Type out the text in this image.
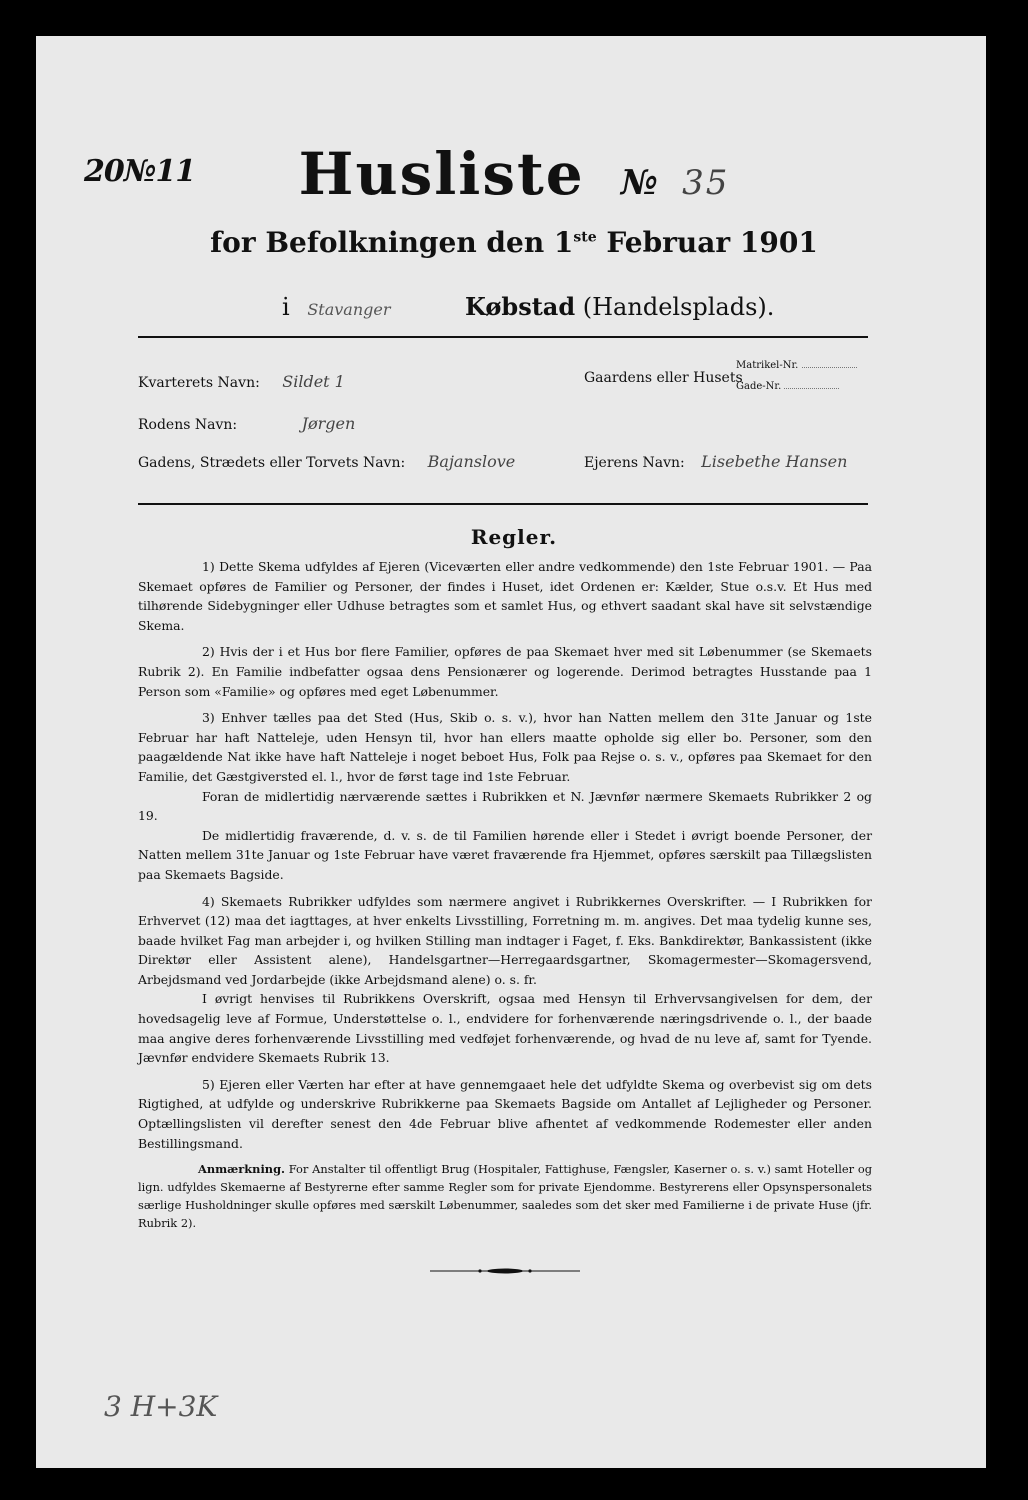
20№11	Husliste № 35
for Befolkningen den 1ste Februar 1901
i Stavanger	Købstad (Handelsplads).
Kvarterets Navn: Sildet 1	Gaardens eller Husets
Matrikel-Nr.
Gade-Nr.
Rodens Navn:	Jørgen
Gadens, Strædets eller Torvets Navn: Bajanslove	Ejerens Navn: Lisebethe Hansen
Regler.

1) Dette Skema udfyldes af Ejeren (Viceværten eller andre vedkommende) den 1ste Februar 1901. — Paa Skemaet opføres de Familier og Personer, der findes i Huset, idet Ordenen er: Kælder, Stue o.s.v. Et Hus med tilhørende Sidebygninger eller Udhuse betragtes som et samlet Hus, og ethvert saadant skal have sit selvstændige Skema.

2) Hvis der i et Hus bor flere Familier, opføres de paa Skemaet hver med sit Løbenummer (se Skemaets Rubrik 2). En Familie indbefatter ogsaa dens Pensionærer og logerende. Derimod betragtes Husstande paa 1 Person som «Familie» og opføres med eget Løbenummer.

3) Enhver tælles paa det Sted (Hus, Skib o. s. v.), hvor han Natten mellem den 31te Januar og 1ste Februar har haft Natteleje, uden Hensyn til, hvor han ellers maatte opholde sig eller bo. Personer, som den paagældende Nat ikke have haft Natteleje i noget beboet Hus, Folk paa Rejse o. s. v., opføres paa Skemaet for den Familie, det Gæstgiversted el. l., hvor de først tage ind 1ste Februar.

Foran de midlertidig nærværende sættes i Rubrikken et N. Jævnfør nærmere Skemaets Rubrikker 2 og 19.

De midlertidig fraværende, d. v. s. de til Familien hørende eller i Stedet i øvrigt boende Personer, der Natten mellem 31te Januar og 1ste Februar have været fraværende fra Hjemmet, opføres særskilt paa Tillægslisten paa Skemaets Bagside.

4) Skemaets Rubrikker udfyldes som nærmere angivet i Rubrikkernes Overskrifter. — I Rubrikken for Erhvervet (12) maa det iagttages, at hver enkelts Livsstilling, Forretning m. m. angives. Det maa tydelig kunne ses, baade hvilket Fag man arbejder i, og hvilken Stilling man indtager i Faget, f. Eks. Bankdirektør, Bankassistent (ikke Direktør eller Assistent alene), Handelsgartner—Herregaardsgartner, Skomagermester—Skomagersvend, Arbejdsmand ved Jordarbejde (ikke Arbejdsmand alene) o. s. fr.

I øvrigt henvises til Rubrikkens Overskrift, ogsaa med Hensyn til Erhvervsangivelsen for dem, der hovedsagelig leve af Formue, Understøttelse o. l., endvidere for forhenværende næringsdrivende o. l., der baade maa angive deres forhenværende Livsstilling med vedføjet forhenværende, og hvad de nu leve af, samt for Tyende. Jævnfør endvidere Skemaets Rubrik 13.

5) Ejeren eller Værten har efter at have gennemgaaet hele det udfyldte Skema og overbevist sig om dets Rigtighed, at udfylde og underskrive Rubrikkerne paa Skemaets Bagside om Antallet af Lejligheder og Personer. Optællingslisten vil derefter senest den 4de Februar blive afhentet af vedkommende Rodemester eller anden Bestillingsmand.

Anmærkning. For Anstalter til offentligt Brug (Hospitaler, Fattighuse, Fængsler, Kaserner o. s. v.) samt Hoteller og lign. udfyldes Skemaerne af Bestyrerne efter samme Regler som for private Ejendomme. Bestyrerens eller Opsynspersonalets særlige Husholdninger skulle opføres med særskilt Løbenummer, saaledes som det sker med Familierne i de private Huse (jfr. Rubrik 2).

3 H+3K
